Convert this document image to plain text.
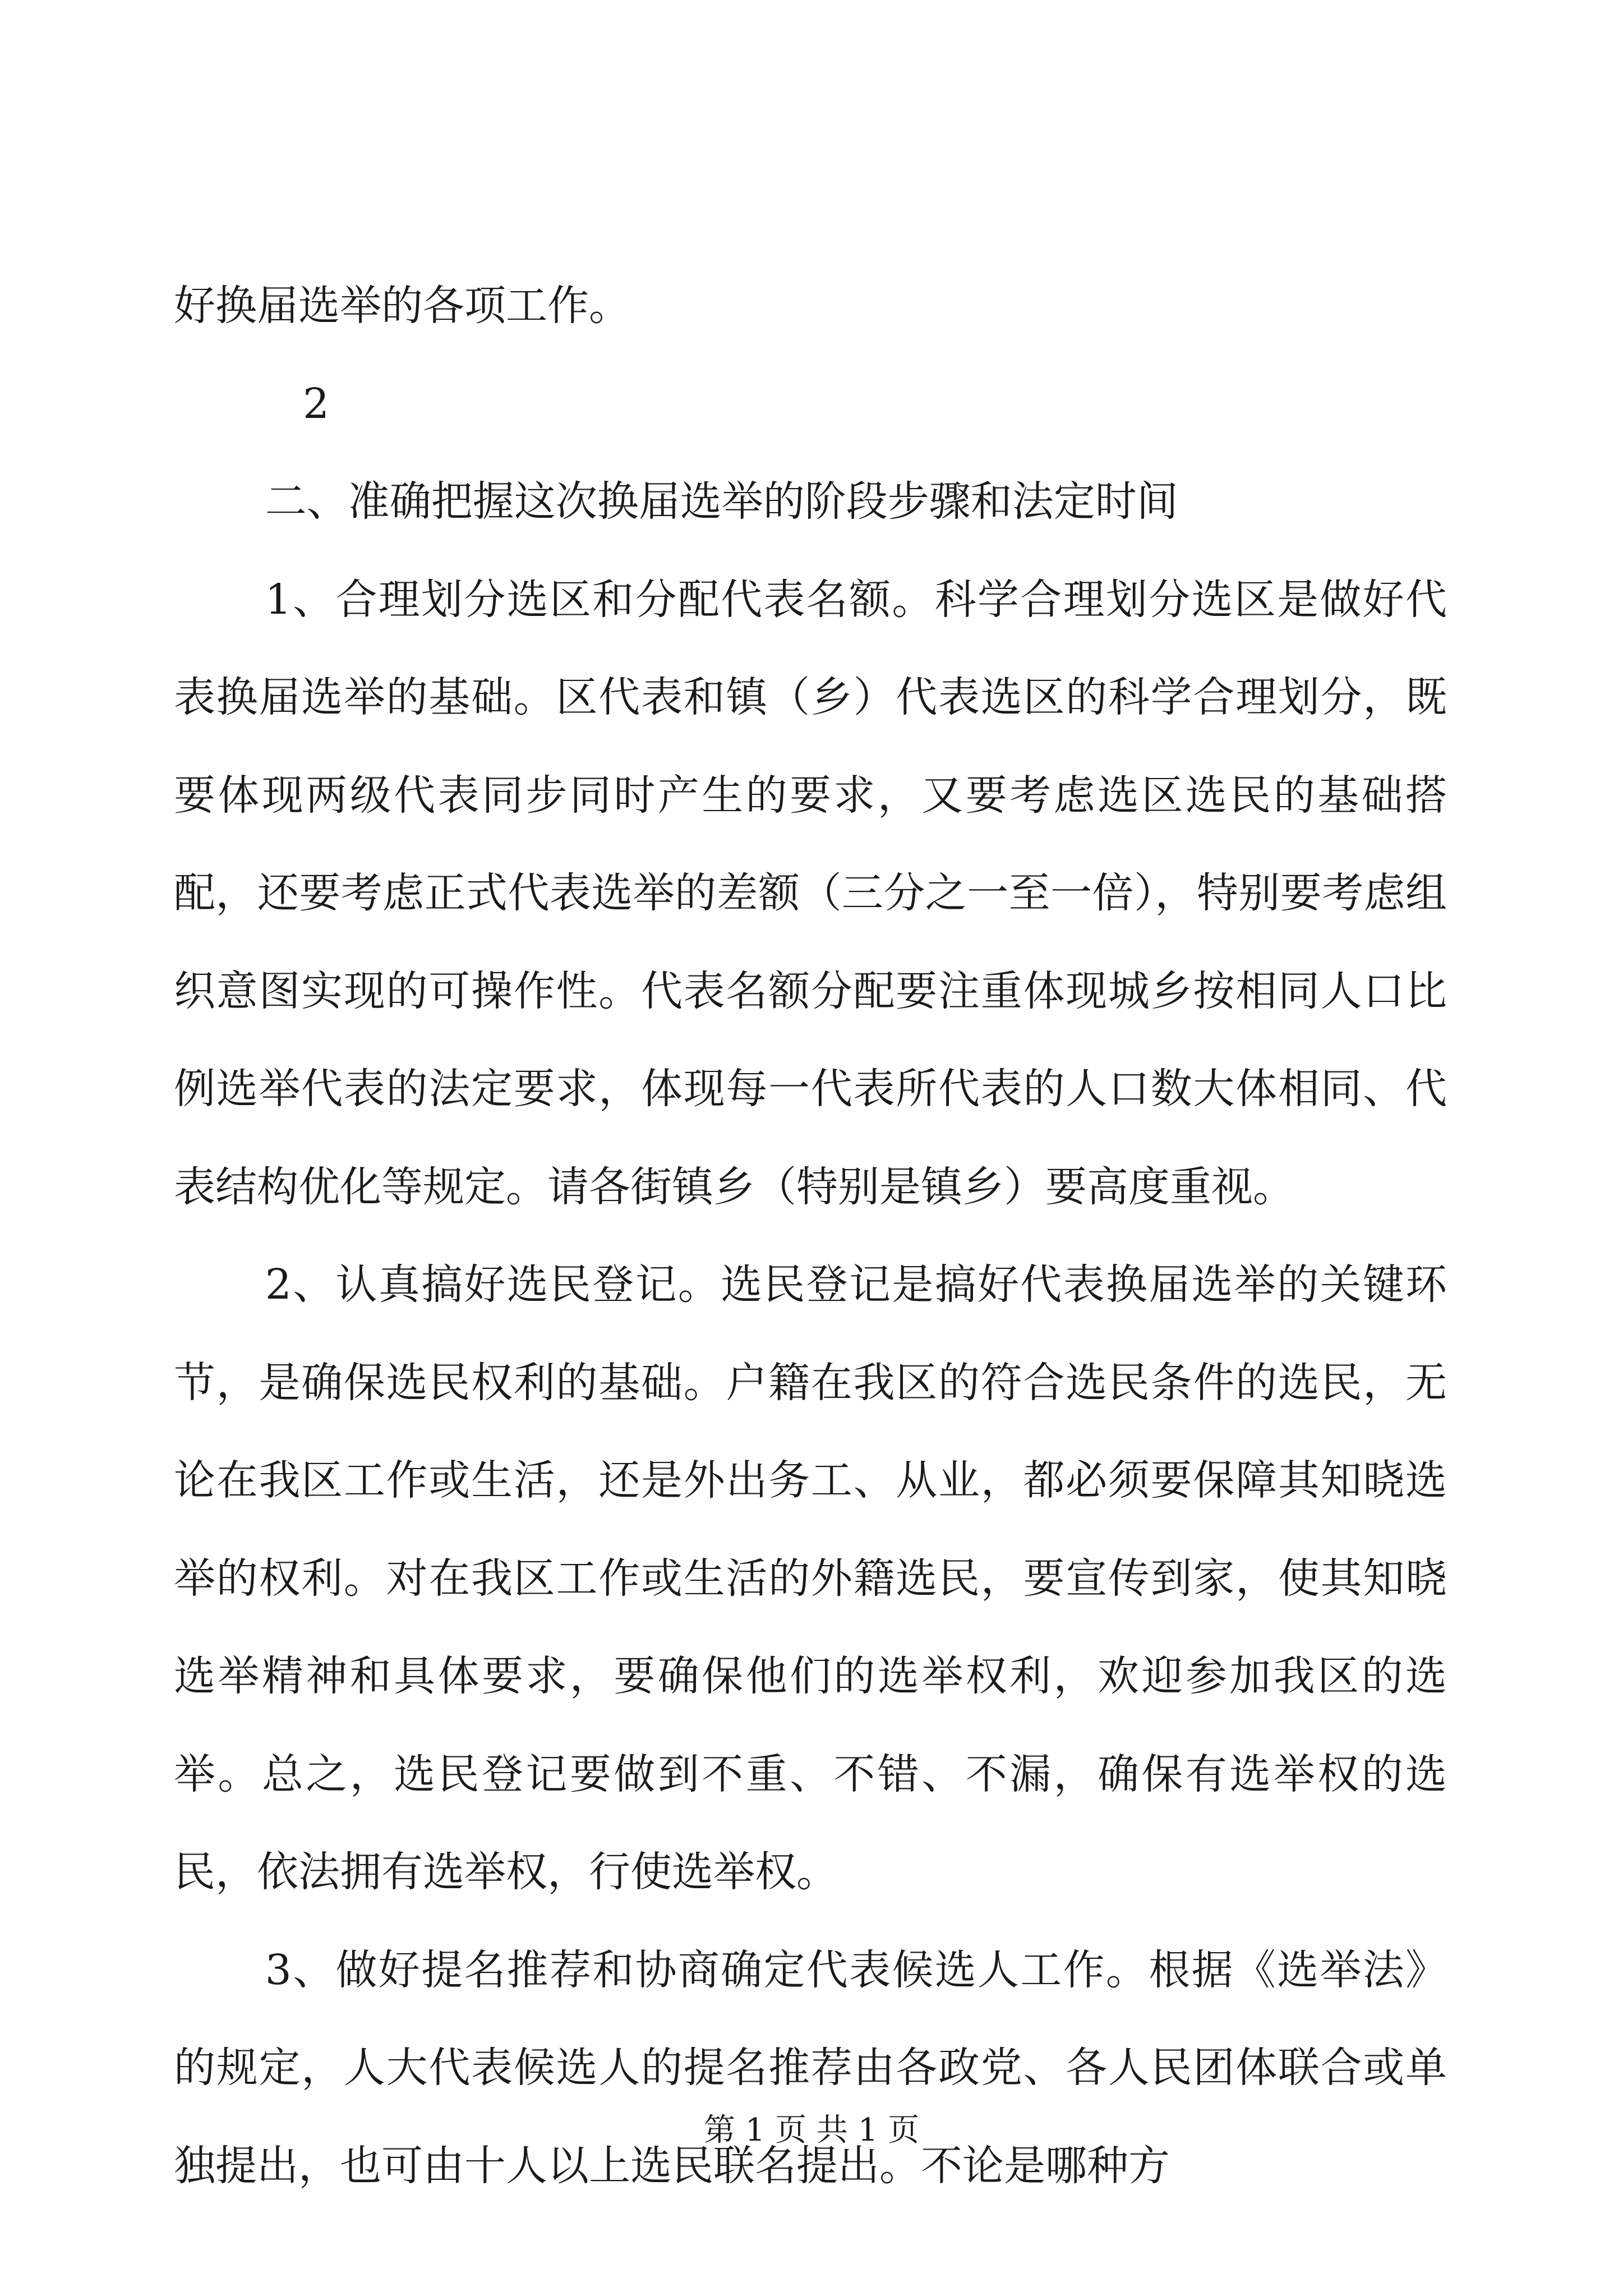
好换届选举的各项工作。

2

二、准确把握这次换届选举的阶段步骤和法定时间

1、合理划分选区和分配代表名额。科学合理划分选区是做好代表换届选举的基础。区代表和镇（乡）代表选区的科学合理划分，既要体现两级代表同步同时产生的要求，又要考虑选区选民的基础搭配，还要考虑正式代表选举的差额（三分之一至一倍），特别要考虑组织意图实现的可操作性。代表名额分配要注重体现城乡按相同人口比例选举代表的法定要求，体现每一代表所代表的人口数大体相同、代表结构优化等规定。请各街镇乡（特别是镇乡）要高度重视。

2、认真搞好选民登记。选民登记是搞好代表换届选举的关键环节，是确保选民权利的基础。户籍在我区的符合选民条件的选民，无论在我区工作或生活，还是外出务工、从业，都必须要保障其知晓选举的权利。对在我区工作或生活的外籍选民，要宣传到家，使其知晓选举精神和具体要求，要确保他们的选举权利，欢迎参加我区的选举。总之，选民登记要做到不重、不错、不漏，确保有选举权的选民，依法拥有选举权，行使选举权。

3、做好提名推荐和协商确定代表候选人工作。根据《选举法》的规定，人大代表候选人的提名推荐由各政党、各人民团体联合或单独提出，也可由十人以上选民联名提出。不论是哪种方

第 1 页 共 1 页
